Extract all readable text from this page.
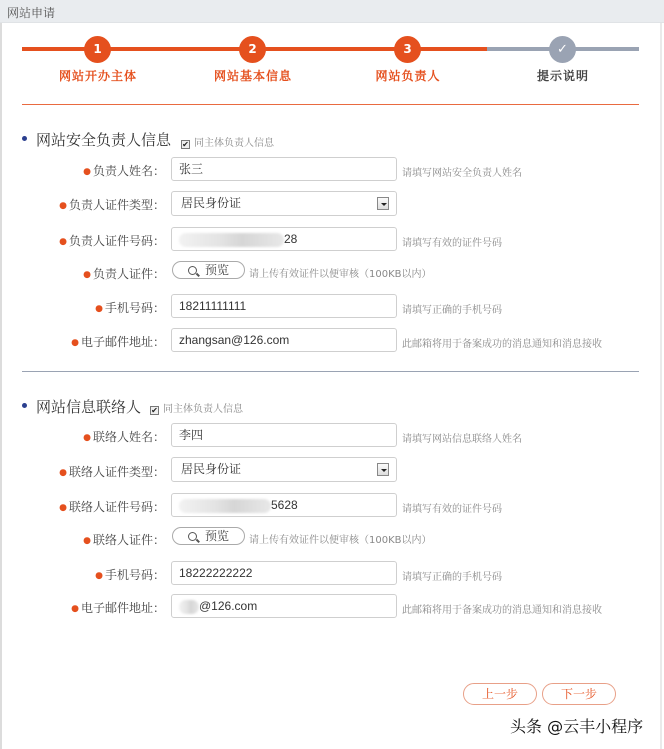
网站申请
1
网站开办主体
2
网站基本信息
3
网站负责人
✓
提示说明
网站安全负责人信息 ✔ 同主体负责人信息
● 负责人姓名：	张三	请填写网站安全负责人姓名
● 负责人证件类型：	居民身份证
● 负责人证件号码：	28	请填写有效的证件号码
● 负责人证件：	预览	请上传有效证件以便审核（100KB以内）
● 手机号码：	18211111111	请填写正确的手机号码
● 电子邮件地址：	zhangsan@126.com	此邮箱将用于备案成功的消息通知和消息接收
网站信息联络人 ✔ 同主体负责人信息
● 联络人姓名：	李四	请填写网站信息联络人姓名
● 联络人证件类型：	居民身份证
● 联络人证件号码：	5628	请填写有效的证件号码
● 联络人证件：	预览	请上传有效证件以便审核（100KB以内）
● 手机号码：	18222222222	请填写正确的手机号码
● 电子邮件地址：	@126.com	此邮箱将用于备案成功的消息通知和消息接收
上一步	下一步
头条 @云丰小程序
